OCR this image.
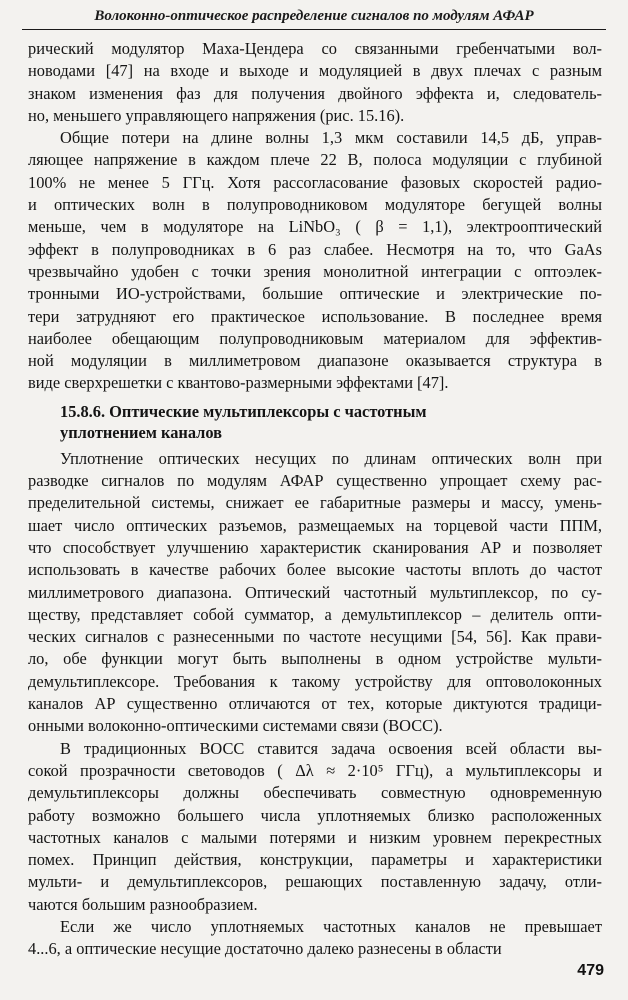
Волоконно-оптическое распределение сигналов по модулям АФАР
рический модулятор Маха-Цендера со связанными гребенчатыми вол-
новодами [47] на входе и выходе и модуляцией в двух плечах с разным
знаком изменения фаз для получения двойного эффекта и, следователь-
но, меньшего управляющего напряжения (рис. 15.16).
Общие потери на длине волны 1,3 мкм составили 14,5 дБ, управ-
ляющее напряжение в каждом плече 22 В, полоса модуляции с глубиной
100% не менее 5 ГГц. Хотя рассогласование фазовых скоростей радио-
и оптических волн в полупроводниковом модуляторе бегущей волны
меньше, чем в модуляторе на LiNbO₃ ( β = 1,1), электрооптический
эффект в полупроводниках в 6 раз слабее. Несмотря на то, что GaAs
чрезвычайно удобен с точки зрения монолитной интеграции с оптоэлек-
тронными ИО-устройствами, большие оптические и электрические по-
тери затрудняют его практическое использование. В последнее время
наиболее обещающим полупроводниковым материалом для эффектив-
ной модуляции в миллиметровом диапазоне оказывается структура в
виде сверхрешетки с квантово-размерными эффектами [47].
15.8.6. Оптические мультиплексоры с частотным
уплотнением каналов
Уплотнение оптических несущих по длинам оптических волн при
разводке сигналов по модулям АФАР существенно упрощает схему рас-
пределительной системы, снижает ее габаритные размеры и массу, умень-
шает число оптических разъемов, размещаемых на торцевой части ППМ,
что способствует улучшению характеристик сканирования АР и позволяет
использовать в качестве рабочих более высокие частоты вплоть до частот
миллиметрового диапазона. Оптический частотный мультиплексор, по су-
ществу, представляет собой сумматор, а демультиплексор – делитель опти-
ческих сигналов с разнесенными по частоте несущими [54, 56]. Как прави-
ло, обе функции могут быть выполнены в одном устройстве мульти-
демультиплексоре. Требования к такому устройству для оптоволоконных
каналов АР существенно отличаются от тех, которые диктуются традици-
онными волоконно-оптическими системами связи (ВОСС).
В традиционных ВОСС ставится задача освоения всей области вы-
сокой прозрачности световодов ( Δλ ≈ 2·10⁵ ГГц), а мультиплексоры и
демультиплексоры должны обеспечивать совместную одновременную
работу возможно большего числа уплотняемых близко расположенных
частотных каналов с малыми потерями и низким уровнем перекрестных
помех. Принцип действия, конструкции, параметры и характеристики
мульти- и демультиплексоров, решающих поставленную задачу, отли-
чаются большим разнообразием.
Если же число уплотняемых частотных каналов не превышает
4...6, а оптические несущие достаточно далеко разнесены в области
479
